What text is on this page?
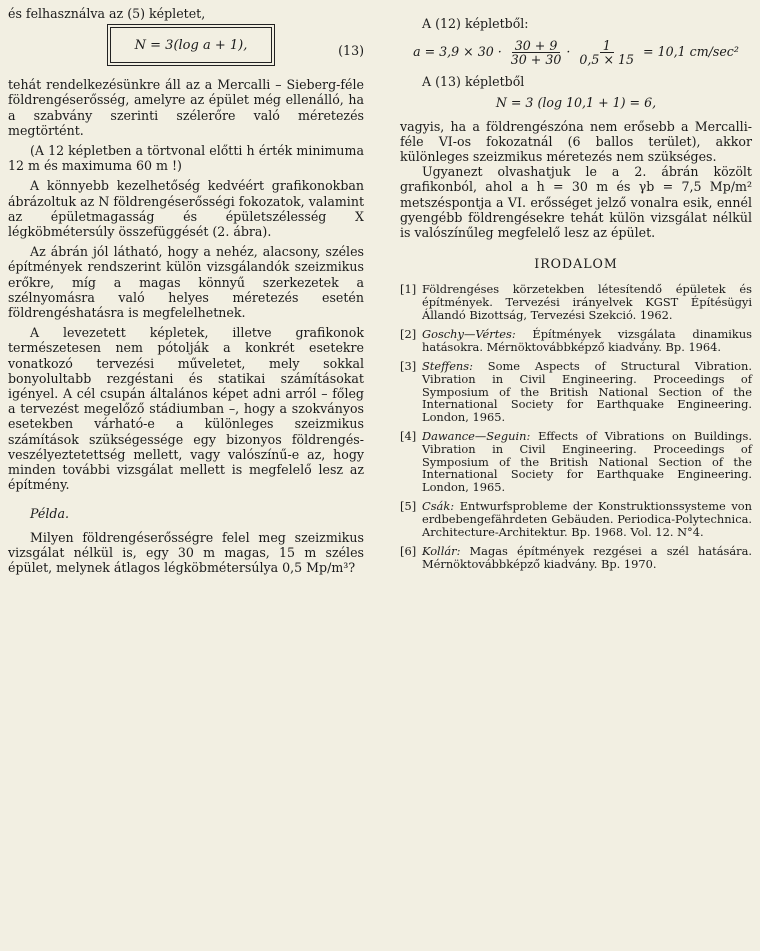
és felhasználva az (5) képletet,

N = 3(log a + 1),	(13)

tehát rendelkezésünkre áll az a Mercalli – Sieberg-féle földrengéserősség, amelyre az épület még ellenálló, ha a szabvány szerinti szélerőre való méretezés megtörtént.

(A 12 képletben a törtvonal előtti h érték minimuma 12 m és maximuma 60 m !)

A könnyebb kezelhetőség kedvéért grafikonokban ábrázoltuk az N földrengéserősségi fokozatok, valamint az épületmagasság és épületszélesség X légköbmétersúly összefüggését (2. ábra).

Az ábrán jól látható, hogy a nehéz, alacsony, széles építmények rendszerint külön vizsgálandók szeizmikus erőkre, míg a magas könnyű szerkezetek a szélnyomásra való helyes méretezés esetén földrengéshatásra is megfelelhetnek.

A levezetett képletek, illetve grafikonok természetesen nem pótolják a konkrét esetekre vonatkozó tervezési műveletet, mely sokkal bonyolultabb rezgéstani és statikai számításokat igényel. A cél csupán általános képet adni arról – főleg a tervezést megelőző stádiumban –, hogy a szokványos esetekben várható-e a különleges szeizmikus számítások szükségessége egy bizonyos földrengés-veszélyeztetettség mellett, vagy valószínű-e az, hogy minden további vizsgálat mellett is megfelelő lesz az építmény.

Példa.

Milyen földrengéserősségre felel meg szeizmikus vizsgálat nélkül is, egy 30 m magas, 15 m széles épület, melynek átlagos légköbmétersúlya 0,5 Mp/m³?

A (12) képletből:

$a = 3,9 \times 30 \cdot \frac{30 + 9}{30 + 30} \cdot \frac{1}{0,5 \times 15} = 10,1$ cm/sec²

A (13) képletből

N = 3 (log 10,1 + 1) = 6,

vagyis, ha a földrengészóna nem erősebb a Mercalli-féle VI-os fokozatnál (6 ballos terület), akkor különleges szeizmikus méretezés nem szükséges.

Ugyanezt olvashatjuk le a 2. ábrán közölt grafikonból, ahol a h = 30 m és γb = 7,5 Mp/m² metszéspontja a VI. erősséget jelző vonalra esik, ennél gyengébb földrengésekre tehát külön vizsgálat nélkül is valószínűleg megfelelő lesz az épület.

IRODALOM
[1] Földrengéses körzetekben létesítendő épületek és építmények. Tervezési irányelvek KGST Építésügyi Állandó Bizottság, Tervezési Szekció. 1962.
[2] Goschy—Vértes: Építmények vizsgálata dinamikus hatásokra. Mérnöktovábbképző kiadvány. Bp. 1964.
[3] Steffens: Some Aspects of Structural Vibration. Vibration in Civil Engineering. Proceedings of Symposium of the British National Section of the International Society for Earthquake Engineering. London, 1965.
[4] Dawance—Seguin: Effects of Vibrations on Buildings. Vibration in Civil Engineering. Proceedings of Symposium of the British National Section of the International Society for Earthquake Engineering. London, 1965.
[5] Csák: Entwurfsprobleme der Konstruktionssysteme von erdbebengefährdeten Gebäuden. Periodica-Polytechnica. Architecture-Architektur. Bp. 1968. Vol. 12. N°4.
[6] Kollár: Magas építmények rezgései a szél hatására. Mérnöktovábbképző kiadvány. Bp. 1970.
